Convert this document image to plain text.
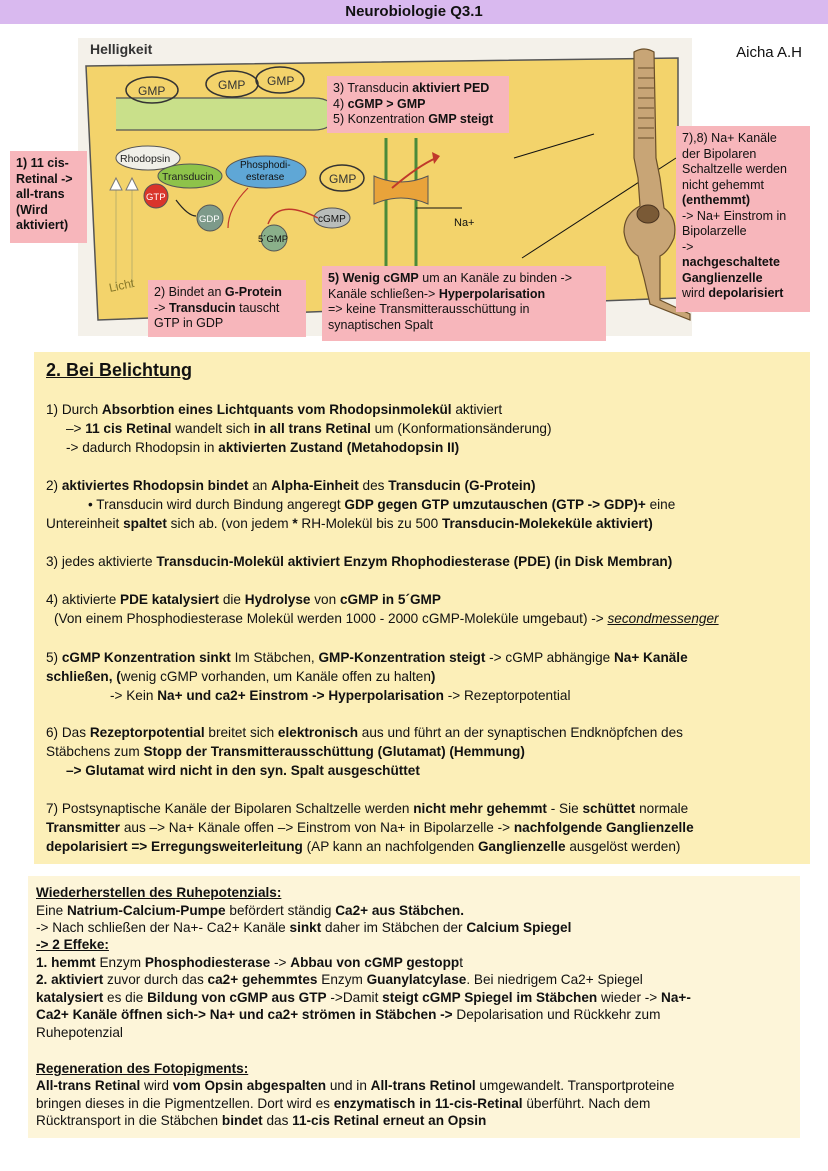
Neurobiologie Q3.1
Aicha A.H
Helligkeit
GMP	GMP GMP
GMP
Licht
Rhodopsin
Transducin
GTP
GDP
Phosphodi-
esterase
cGMP
5´GMP
Na+
1) 11 cis-
Retinal ->
all-trans
(Wird
aktiviert)
2) Bindet an G-Protein
-> Transducin tauscht
GTP in GDP
3) Transducin aktiviert PED
4) cGMP > GMP
5) Konzentration GMP steigt
5) Wenig cGMP um an Kanäle zu binden ->
Kanäle schließen-> Hyperpolarisation
=> keine Transmitterausschüttung in
synaptischen Spalt
7),8) Na+ Kanäle
der Bipolaren
Schaltzelle werden
nicht gehemmt
(enthemmt)
-> Na+ Einstrom in
Bipolarzelle
->
nachgeschaltete
Ganglienzelle
wird depolarisiert
2. Bei Belichtung
1) Durch Absorbtion eines Lichtquants vom Rhodopsinmolekül aktiviert
–> 11 cis Retinal wandelt sich in all trans Retinal um (Konformationsänderung)
-> dadurch Rhodopsin in aktivierten Zustand (Metahodopsin II)
2) aktiviertes Rhodopsin bindet an Alpha-Einheit des Transducin (G-Protein)
• Transducin wird durch Bindung angeregt GDP gegen GTP umzutauschen (GTP -> GDP)+ eine
Untereinheit spaltet sich ab. (von jedem * RH-Molekül bis zu 500 Transducin-Molekeküle aktiviert)
3) jedes aktivierte Transducin-Molekül aktiviert Enzym Rhophodiesterase (PDE) (in Disk Membran)
4) aktivierte PDE katalysiert die Hydrolyse von cGMP in 5´GMP
(Von einem Phosphodiesterase Molekül werden 1000 - 2000 cGMP-Moleküle umgebaut) -> secondmessenger
5) cGMP Konzentration sinkt Im Stäbchen, GMP-Konzentration steigt -> cGMP abhängige Na+ Kanäle
schließen, (wenig cGMP vorhanden, um Kanäle offen zu halten)
-> Kein Na+ und ca2+ Einstrom -> Hyperpolarisation -> Rezeptorpotential
6) Das Rezeptorpotential breitet sich elektronisch aus und führt an der synaptischen Endknöpfchen des
Stäbchens zum Stopp der Transmitterausschüttung (Glutamat) (Hemmung)
–> Glutamat wird nicht in den syn. Spalt ausgeschüttet
7) Postsynaptische Kanäle der Bipolaren Schaltzelle werden nicht mehr gehemmt - Sie schüttet normale
Transmitter aus –> Na+ Känale offen –> Einstrom von Na+ in Bipolarzelle -> nachfolgende Ganglienzelle
depolarisiert => Erregungsweiterleitung (AP kann an nachfolgenden Ganglienzelle ausgelöst werden)
Wiederherstellen des Ruhepotenzials:
Eine Natrium-Calcium-Pumpe befördert ständig Ca2+ aus Stäbchen.
-> Nach schließen der Na+- Ca2+ Kanäle sinkt daher im Stäbchen der Calcium Spiegel
-> 2 Effeke:
1. hemmt Enzym Phosphodiesterase -> Abbau von cGMP gestoppt
2. aktiviert zuvor durch das ca2+ gehemmtes Enzym Guanylatcylase. Bei niedrigem Ca2+ Spiegel
katalysiert es die Bildung von cGMP aus GTP ->Damit steigt cGMP Spiegel im Stäbchen wieder -> Na+-
Ca2+ Kanäle öffnen sich-> Na+ und ca2+ strömen in Stäbchen -> Depolarisation und Rückkehr zum
Ruhepotenzial
Regeneration des Fotopigments:
All-trans Retinal wird vom Opsin abgespalten und in All-trans Retinol umgewandelt. Transportproteine
bringen dieses in die Pigmentzellen. Dort wird es enzymatisch in 11-cis-Retinal überführt. Nach dem
Rücktransport in die Stäbchen bindet das 11-cis Retinal erneut an Opsin
